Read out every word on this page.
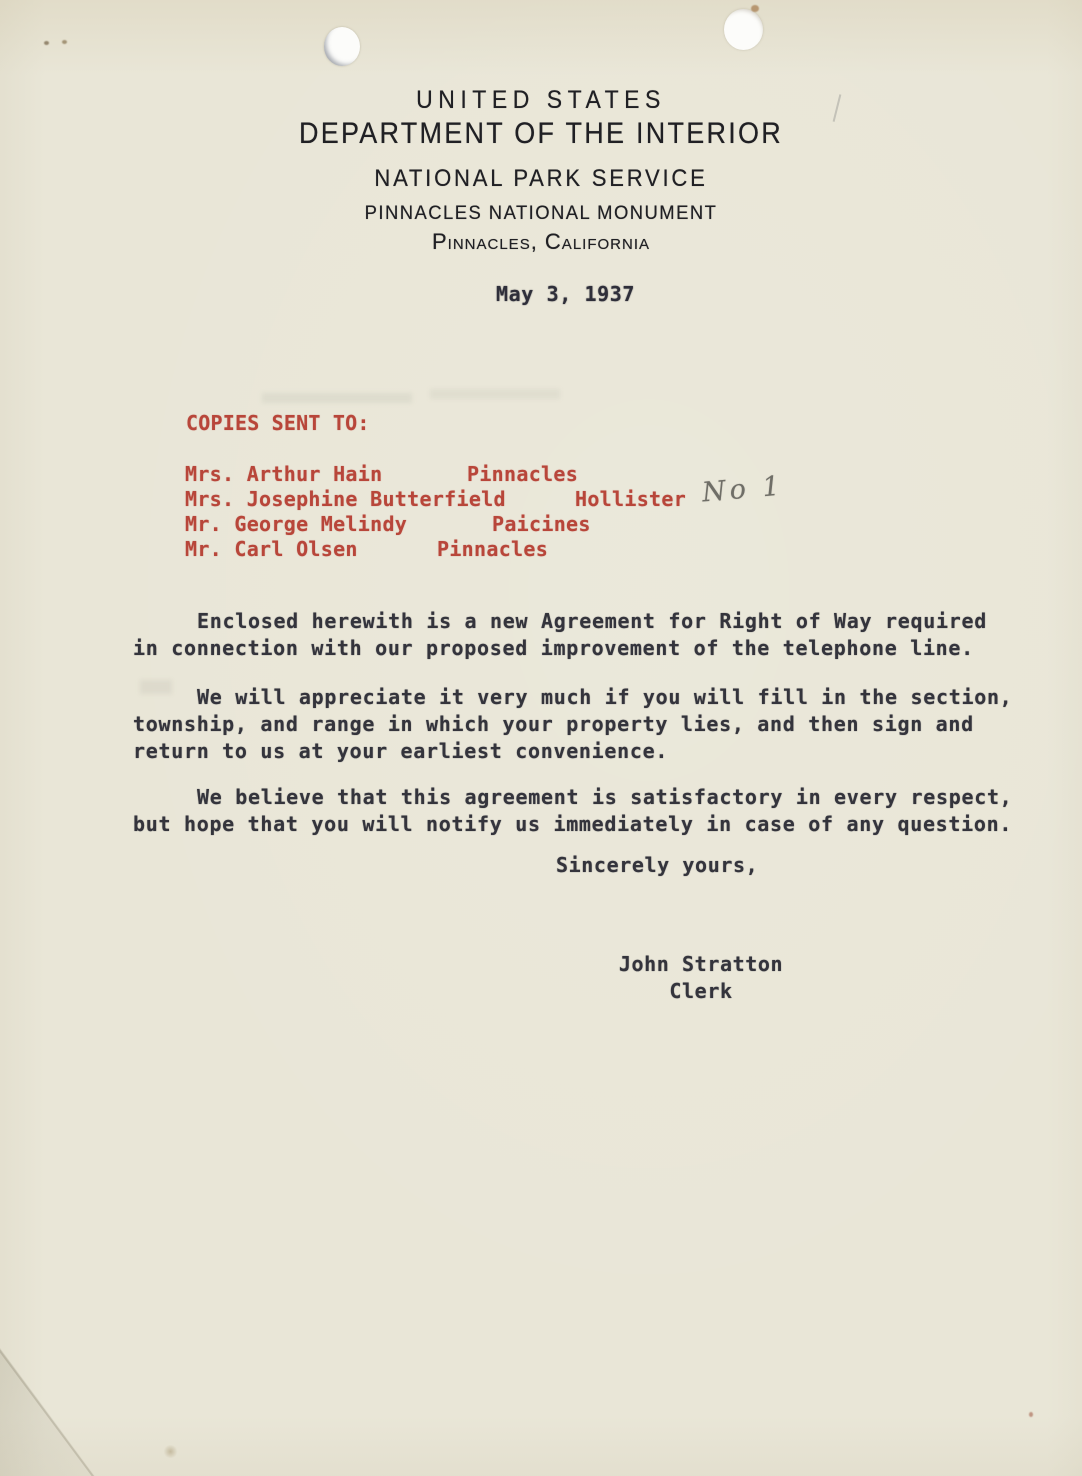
UNITED STATES
DEPARTMENT OF THE INTERIOR
NATIONAL PARK SERVICE
PINNACLES NATIONAL MONUMENT
Pinnacles, California
May 3, 1937
COPIES SENT TO:
Mrs. Arthur Hain	Pinnacles
Mrs. Josephine Butterfield	Hollister
Mr. George Melindy	Paicines
Mr. Carl Olsen	Pinnacles
No 1
Enclosed herewith is a new Agreement for Right of Way required
in connection with our proposed improvement of the telephone line.
We will appreciate it very much if you will fill in the section,
township, and range in which your property lies, and then sign and
return to us at your earliest convenience.
We believe that this agreement is satisfactory in every respect,
but hope that you will notify us immediately in case of any question.
Sincerely yours,
John Stratton
Clerk
